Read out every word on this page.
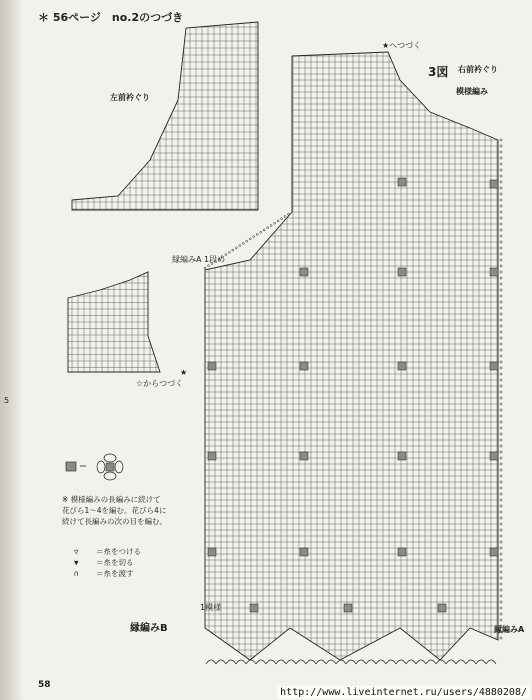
★
＊ 56ページ　no.2のつづき
左前衿ぐり
3図 右前衿ぐり
模様編み
★へつづく
縁編みA 1段め
☆からつづく
縁編みB
1模様
縁編みA
※ 模様編みの長編みに続けて
花びら1〜4を編む。花びら4に
続けて長編みの次の目を編む。
▽	＝糸をつける
▼	＝糸を切る
∩	＝糸を渡す
58
5
http://www.liveinternet.ru/users/4880208/
